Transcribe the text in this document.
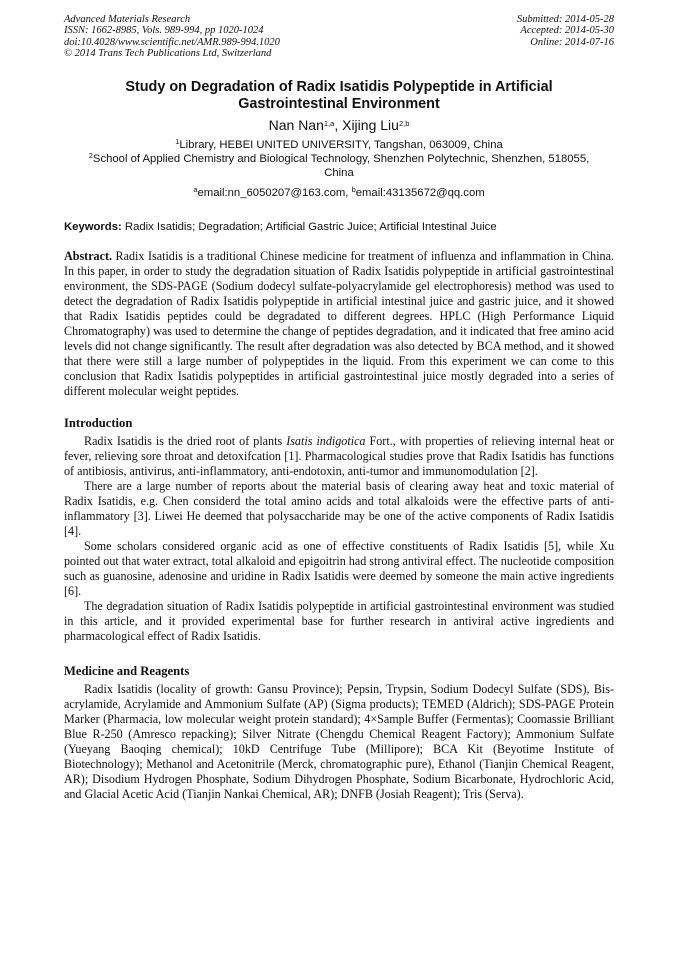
Advanced Materials Research
ISSN: 1662-8985, Vols. 989-994, pp 1020-1024
doi:10.4028/www.scientific.net/AMR.989-994.1020
© 2014 Trans Tech Publications Ltd, Switzerland
Submitted: 2014-05-28
Accepted: 2014-05-30
Online: 2014-07-16
Study on Degradation of Radix Isatidis Polypeptide in Artificial
Gastrointestinal Environment
Nan Nan$^{1,a}$, Xijing Liu$^{2,b}$
$^1$Library, HEBEI UNITED UNIVERSITY, Tangshan, 063009, China
$^2$School of Applied Chemistry and Biological Technology, Shenzhen Polytechnic, Shenzhen, 518055,
China
$^a$email:nn_6050207@163.com, $^b$email:43135672@qq.com
Keywords: Radix Isatidis; Degradation; Artificial Gastric Juice; Artificial Intestinal Juice

Abstract. Radix Isatidis is a traditional Chinese medicine for treatment of influenza and inflammation in China. In this paper, in order to study the degradation situation of Radix Isatidis polypeptide in artificial gastrointestinal environment, the SDS-PAGE (Sodium dodecyl sulfate-polyacrylamide gel electrophoresis) method was used to detect the degradation of Radix Isatidis polypeptide in artificial intestinal juice and gastric juice, and it showed that Radix Isatidis peptides could be degradated to different degrees. HPLC (High Performance Liquid Chromatography) was used to determine the change of peptides degradation, and it indicated that free amino acid levels did not change significantly. The result after degradation was also detected by BCA method, and it showed that there were still a large number of polypeptides in the liquid. From this experiment we can come to this conclusion that Radix Isatidis polypeptides in artificial gastrointestinal juice mostly degraded into a series of different molecular weight peptides.

Introduction

Radix Isatidis is the dried root of plants Isatis indigotica Fort., with properties of relieving internal heat or fever, relieving sore throat and detoxifcation [1]. Pharmacological studies prove that Radix Isatidis has functions of antibiosis, antivirus, anti-inflammatory, anti-endotoxin, anti-tumor and immunomodulation [2].

There are a large number of reports about the material basis of clearing away heat and toxic material of Radix Isatidis, e.g. Chen considerd the total amino acids and total alkaloids were the effective parts of anti-inflammatory [3]. Liwei He deemed that polysaccharide may be one of the active components of Radix Isatidis [4].

Some scholars considered organic acid as one of effective constituents of Radix Isatidis [5], while Xu pointed out that water extract, total alkaloid and epigoitrin had strong antiviral effect. The nucleotide composition such as guanosine, adenosine and uridine in Radix Isatidis were deemed by someone the main active ingredients [6].

The degradation situation of Radix Isatidis polypeptide in artificial gastrointestinal environment was studied in this article, and it provided experimental base for further research in antiviral active ingredients and pharmacological effect of Radix Isatidis.

Medicine and Reagents

Radix Isatidis (locality of growth: Gansu Province); Pepsin, Trypsin, Sodium Dodecyl Sulfate (SDS), Bis-acrylamide, Acrylamide and Ammonium Sulfate (AP) (Sigma products); TEMED (Aldrich); SDS-PAGE Protein Marker (Pharmacia, low molecular weight protein standard); 4×Sample Buffer (Fermentas); Coomassie Brilliant Blue R-250 (Amresco repacking); Silver Nitrate (Chengdu Chemical Reagent Factory); Ammonium Sulfate (Yueyang Baoqing chemical); 10kD Centrifuge Tube (Millipore); BCA Kit (Beyotime Institute of Biotechnology); Methanol and Acetonitrile (Merck, chromatographic pure), Ethanol (Tianjin Chemical Reagent, AR); Disodium Hydrogen Phosphate, Sodium Dihydrogen Phosphate, Sodium Bicarbonate, Hydrochloric Acid, and Glacial Acetic Acid (Tianjin Nankai Chemical, AR); DNFB (Josiah Reagent); Tris (Serva).
